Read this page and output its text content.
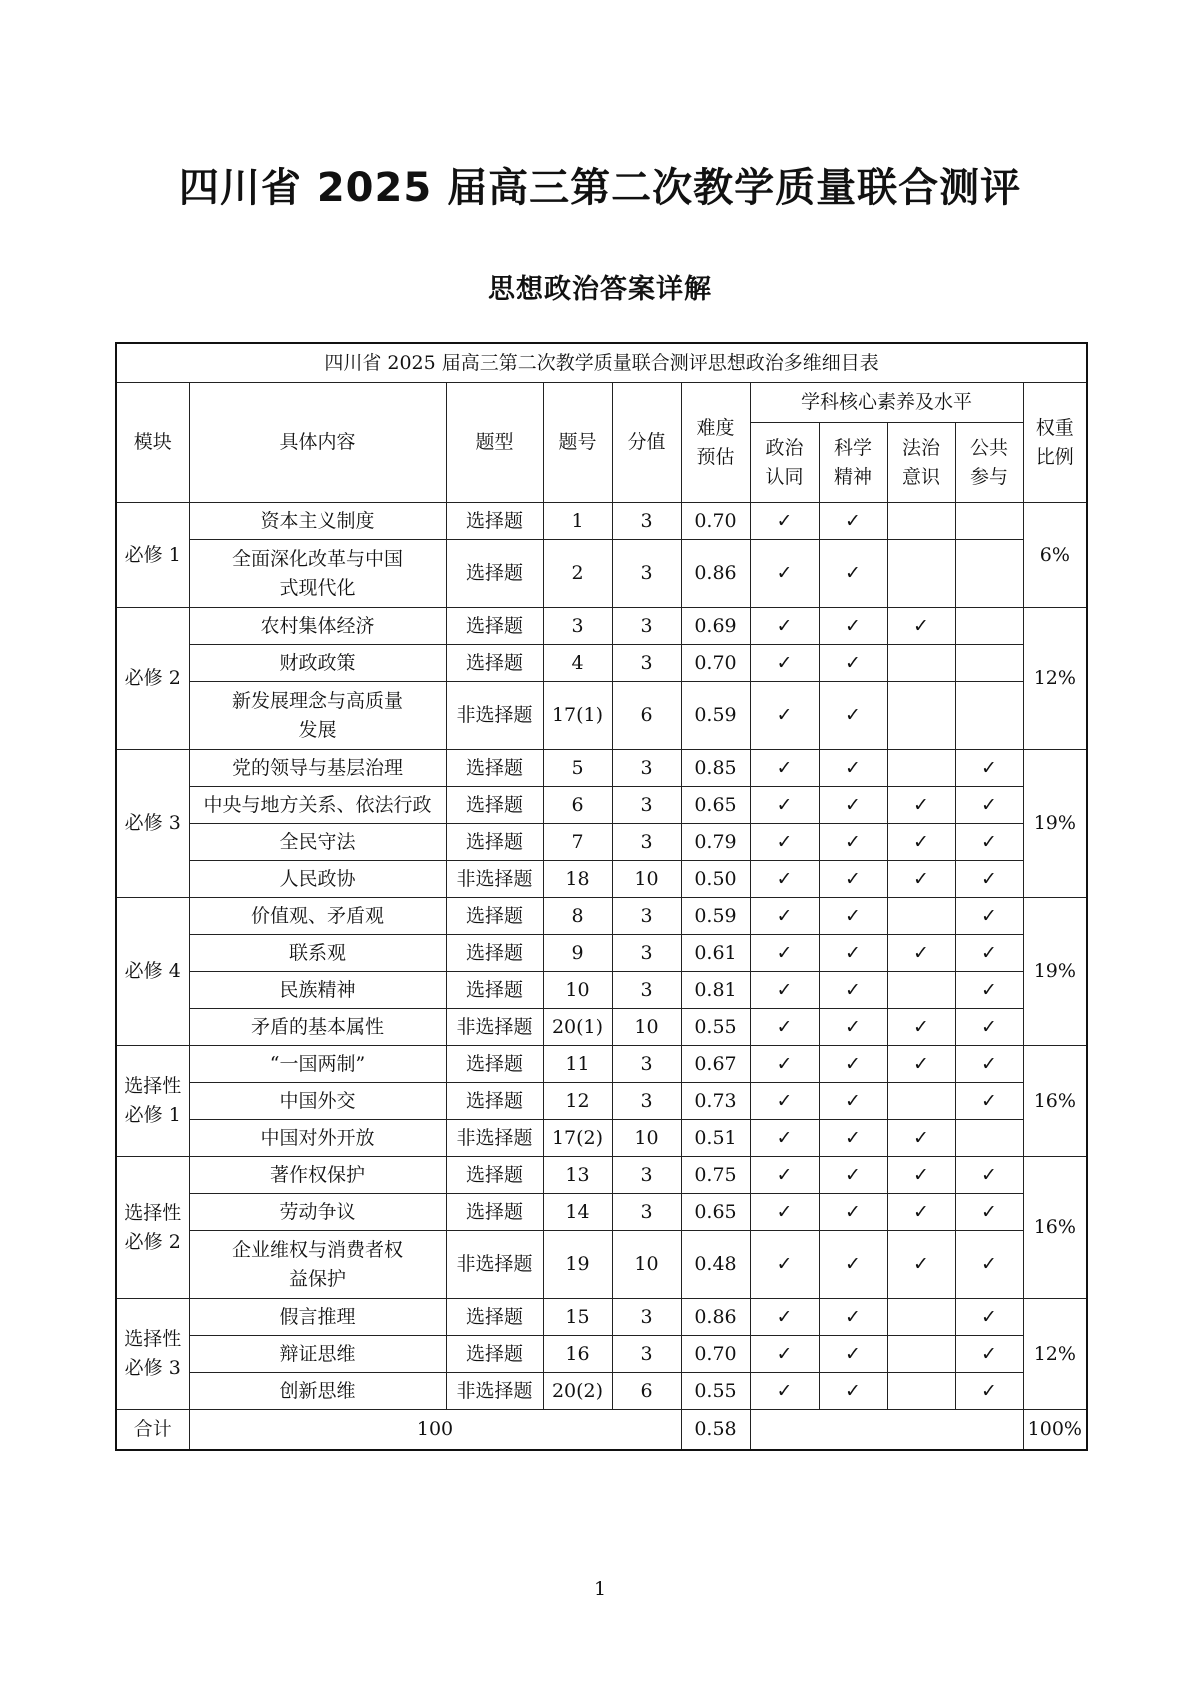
四川省 2025 届高三第二次教学质量联合测评
思想政治答案详解
四川省 2025 届高三第二次教学质量联合测评思想政治多维细目表										
模块	具体内容	题型	题号	分值	难度预估	学科核心素养及水平				权重比例
						政治认同	科学精神	法治意识	公共参与	
必修 1	资本主义制度	选择题	1	3	0.70	✓	✓			6%
	全面深化改革与中国式现代化	选择题	2	3	0.86	✓	✓			
必修 2	农村集体经济	选择题	3	3	0.69	✓	✓	✓		12%
	财政政策	选择题	4	3	0.70	✓	✓			
	新发展理念与高质量发展	非选择题	17(1)	6	0.59	✓	✓			
必修 3	党的领导与基层治理	选择题	5	3	0.85	✓	✓		✓	19%
	中央与地方关系、依法行政	选择题	6	3	0.65	✓	✓	✓	✓	
	全民守法	选择题	7	3	0.79	✓	✓	✓	✓	
	人民政协	非选择题	18	10	0.50	✓	✓	✓	✓	
必修 4	价值观、矛盾观	选择题	8	3	0.59	✓	✓		✓	19%
	联系观	选择题	9	3	0.61	✓	✓	✓	✓	
	民族精神	选择题	10	3	0.81	✓	✓		✓	
	矛盾的基本属性	非选择题	20(1)	10	0.55	✓	✓	✓	✓	
选择性必修 1	“一国两制”	选择题	11	3	0.67	✓	✓	✓	✓	16%
	中国外交	选择题	12	3	0.73	✓	✓		✓	
	中国对外开放	非选择题	17(2)	10	0.51	✓	✓	✓		
选择性必修 2	著作权保护	选择题	13	3	0.75	✓	✓	✓	✓	16%
	劳动争议	选择题	14	3	0.65	✓	✓	✓	✓	
	企业维权与消费者权益保护	非选择题	19	10	0.48	✓	✓	✓	✓	
选择性必修 3	假言推理	选择题	15	3	0.86	✓	✓		✓	12%
	辩证思维	选择题	16	3	0.70	✓	✓		✓	
	创新思维	非选择题	20(2)	6	0.55	✓	✓		✓	
合计	100				0.58					100%
1
